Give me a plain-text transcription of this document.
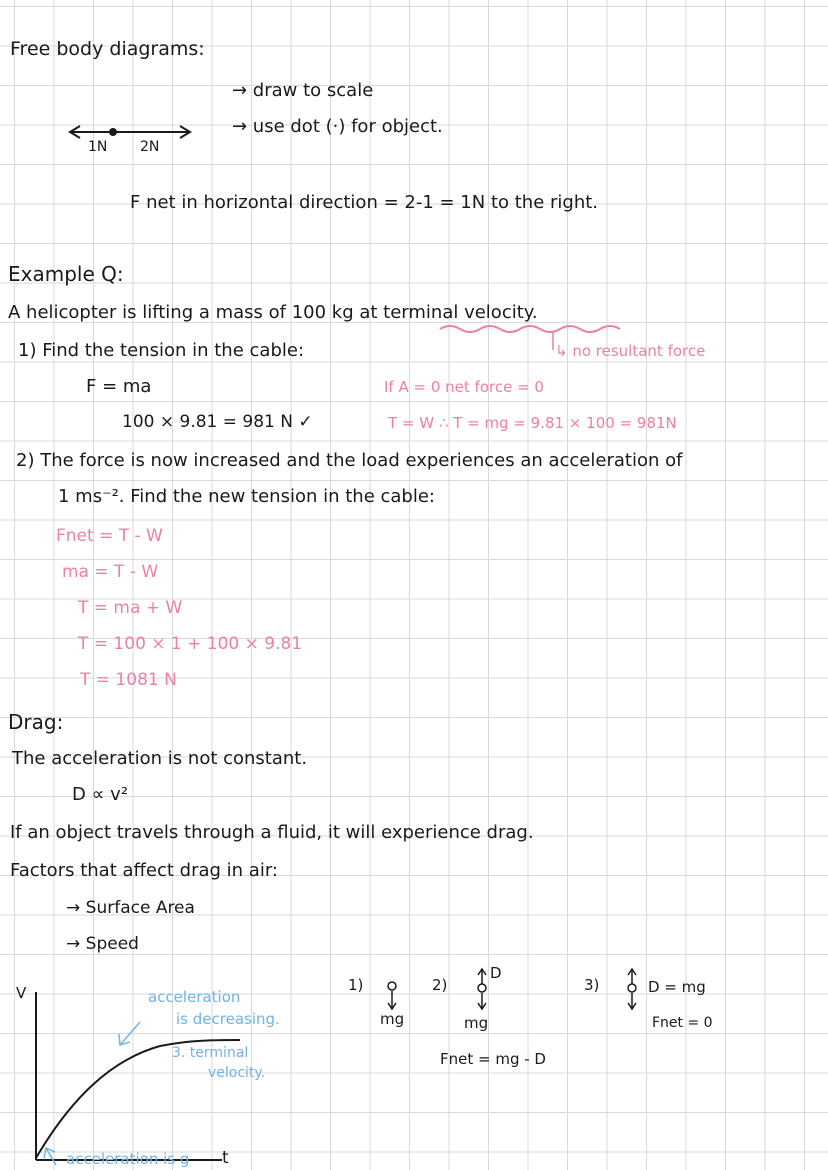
Free body diagrams:
→ draw to scale
→ use dot (·) for object.
1N 2N
F net in horizontal direction = 2-1 = 1N to the right.
Example Q:
A helicopter is lifting a mass of 100 kg at terminal velocity.
1) Find the tension in the cable:	↳ no resultant force
F = ma	If A = 0 net force = 0
100 × 9.81 = 981 N ✓	T = W ∴ T = mg = 9.81 × 100 = 981N
2) The force is now increased and the load experiences an acceleration of
1 ms⁻². Find the new tension in the cable:
Fnet = T - W
ma = T - W
T = ma + W
T = 100 × 1 + 100 × 9.81
T = 1081 N
Drag:
The acceleration is not constant.
D ∝ v²
If an object travels through a fluid, it will experience drag.
Factors that affect drag in air:
→ Surface Area
→ Speed
V
t
acceleration
is decreasing.
3. terminal
velocity.
acceleration is g
1)
mg
2)
D
mg
Fnet = mg - D
3)	D = mg
Fnet = 0
